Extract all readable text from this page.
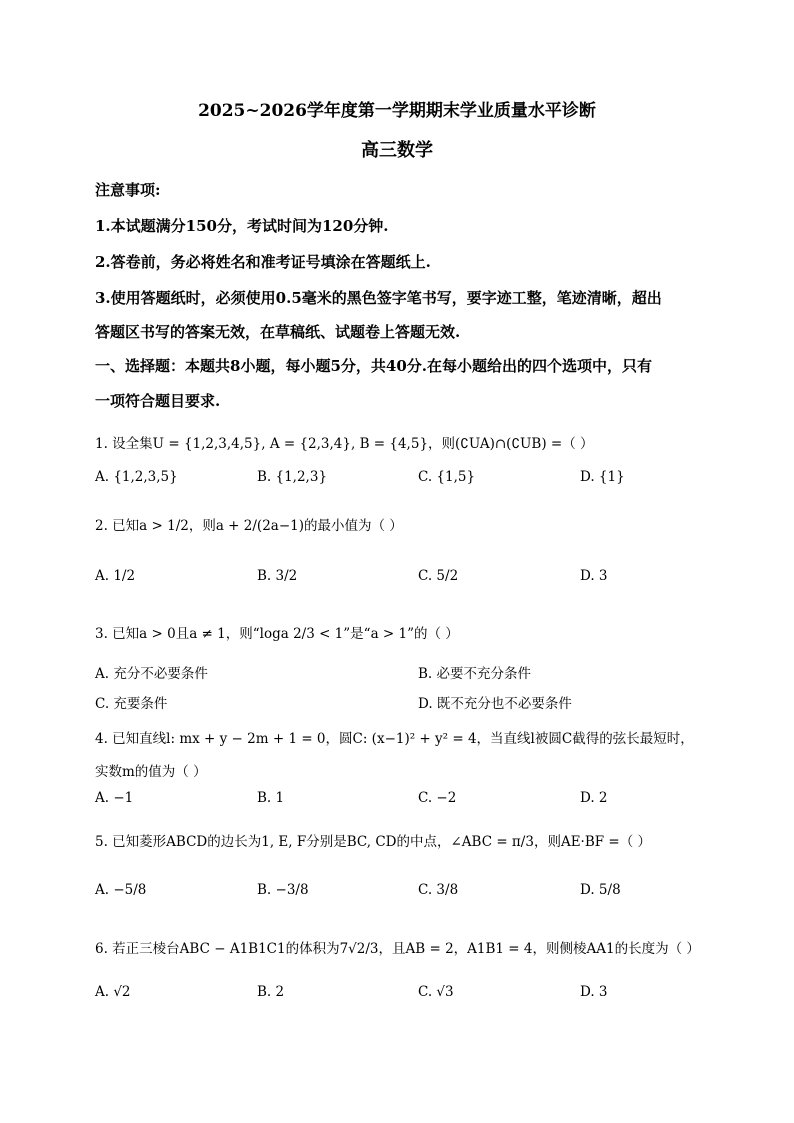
2025~2026学年度第一学期期末学业质量水平诊断
高三数学
注意事项:
1.本试题满分150分，考试时间为120分钟.
2.答卷前，务必将姓名和准考证号填涂在答题纸上.
3.使用答题纸时，必须使用0.5毫米的黑色签字笔书写，要字迹工整，笔迹清晰，超出
答题区书写的答案无效，在草稿纸、试题卷上答题无效.
一、选择题：本题共8小题，每小题5分，共40分.在每小题给出的四个选项中，只有
一项符合题目要求.
1. 设全集U = {1,2,3,4,5}, A = {2,3,4}, B = {4,5}，则(∁UA)∩(∁UB) =（ ）
A. {1,2,3,5}	B. {1,2,3}	C. {1,5}	D. {1}
2. 已知a > 1/2，则a + 2/(2a−1)的最小值为（ ）
A. 1/2	B. 3/2	C. 5/2	D. 3
3. 已知a > 0且a ≠ 1，则“loga 2/3 < 1”是“a > 1”的（ ）
A. 充分不必要条件	B. 必要不充分条件
C. 充要条件	D. 既不充分也不必要条件
4. 已知直线l: mx + y − 2m + 1 = 0，圆C: (x−1)² + y² = 4，当直线l被圆C截得的弦长最短时，
实数m的值为（ ）
A. −1	B. 1	C. −2	D. 2
5. 已知菱形ABCD的边长为1, E, F分别是BC, CD的中点，∠ABC = π/3，则AE·BF =（ ）
A. −5/8	B. −3/8	C. 3/8	D. 5/8
6. 若正三棱台ABC − A1B1C1的体积为7√2/3，且AB = 2，A1B1 = 4，则侧棱AA1的长度为（ ）
A. √2	B. 2	C. √3	D. 3
